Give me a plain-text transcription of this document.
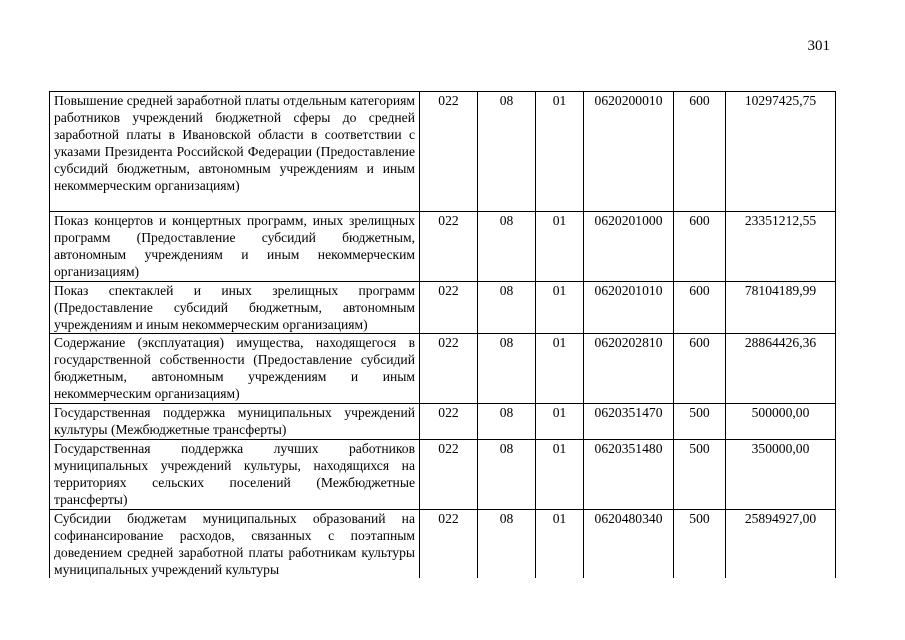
301
Повышение средней заработной платы отдельным категориям работников учреждений бюджетной сферы до средней заработной платы в Ивановской области в соответствии с указами Президента Российской Федерации (Предоставление субсидий бюджетным, автономным учреждениям и иным некоммерческим организациям)	022	08	01	0620200010	600	10297425,75
Показ концертов и концертных программ, иных зрелищных программ (Предоставление субсидий бюджетным, автономным учреждениям и иным некоммерческим организациям)	022	08	01	0620201000	600	23351212,55
Показ спектаклей и иных зрелищных программ (Предоставление субсидий бюджетным, автономным учреждениям и иным некоммерческим организациям)	022	08	01	0620201010	600	78104189,99
Содержание (эксплуатация) имущества, находящегося в государственной собственности (Предоставление субсидий бюджетным, автономным учреждениям и иным некоммерческим организациям)	022	08	01	0620202810	600	28864426,36
Государственная поддержка муниципальных учреждений культуры (Межбюджетные трансферты)	022	08	01	0620351470	500	500000,00
Государственная поддержка лучших работников муниципальных учреждений культуры, находящихся на территориях сельских поселений (Межбюджетные трансферты)	022	08	01	0620351480	500	350000,00
Субсидии бюджетам муниципальных образований на софинансирование расходов, связанных с поэтапным доведением средней заработной платы работникам культуры муниципальных учреждений культуры	022	08	01	0620480340	500	25894927,00
